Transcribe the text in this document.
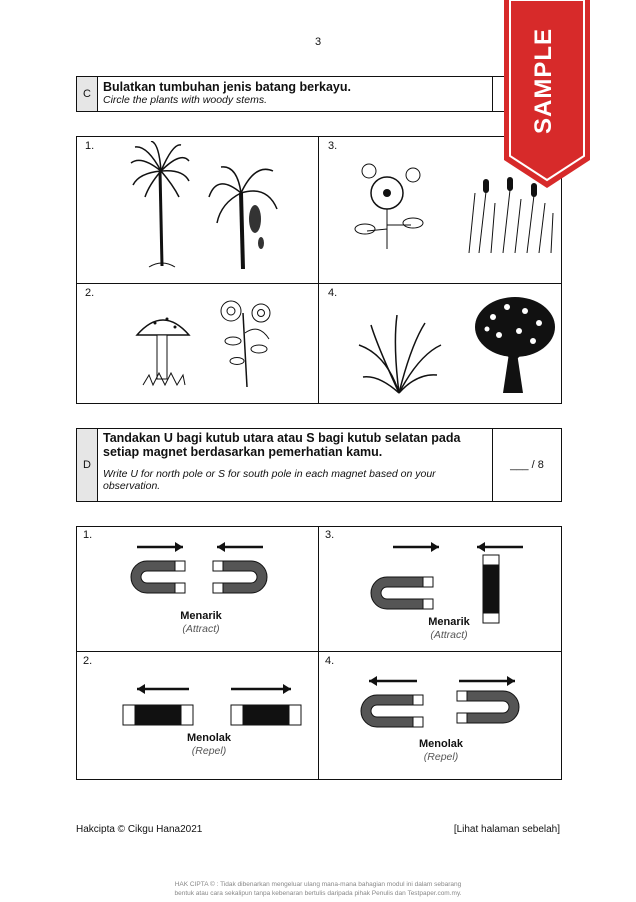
3
C Bulatkan tumbuhan jenis batang berkayu.
Circle the plants with woody stems.
1.
2.
3.
4.
D
Tandakan U bagi kutub utara atau S bagi kutub selatan pada setiap magnet berdasarkan pemerhatian kamu.
Write U for north pole or S for south pole in each magnet based on your observation.
___ / 8
1.
2.
3.
4.
Menarik
(Attract)
Menarik
(Attract)
Menolak
(Repel)
Menolak
(Repel)
Hakcipta © Cikgu Hana2021	[Lihat halaman sebelah]
HAK CIPTA © : Tidak dibenarkan mengeluar ulang mana-mana bahagian modul ini dalam sebarang
bentuk atau cara sekalipun tanpa kebenaran bertulis daripada pihak Penulis dan Testpaper.com.my.
SAMPLE
